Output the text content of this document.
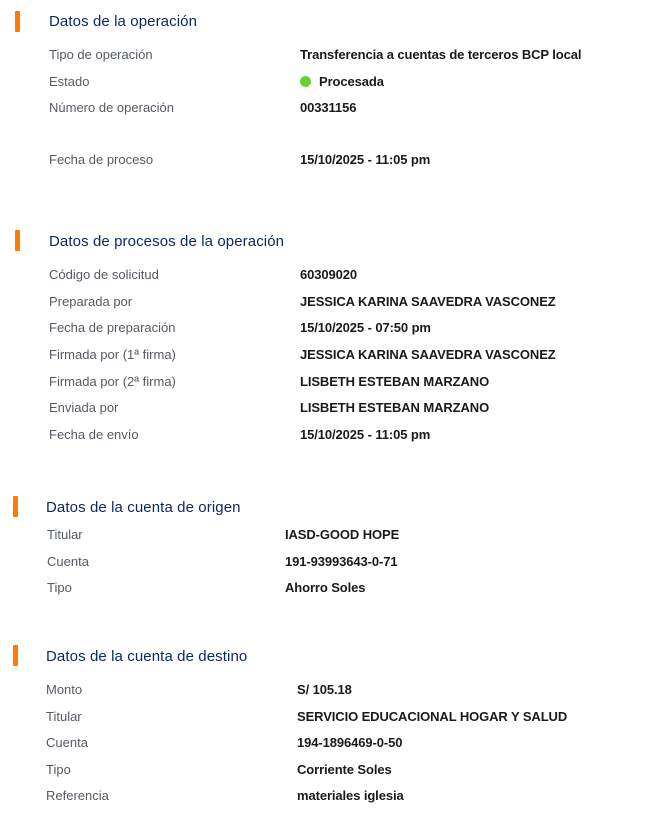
Datos de la operación
Tipo de operación	Transferencia a cuentas de terceros BCP local
Estado	Procesada
Número de operación	00331156
Fecha de proceso	15/10/2025 - 11:05 pm
Datos de procesos de la operación
Código de solicitud	60309020
Preparada por	JESSICA KARINA SAAVEDRA VASCONEZ
Fecha de preparación	15/10/2025 - 07:50 pm
Firmada por (1ª firma)	JESSICA KARINA SAAVEDRA VASCONEZ
Firmada por (2ª firma)	LISBETH ESTEBAN MARZANO
Enviada por	LISBETH ESTEBAN MARZANO
Fecha de envío	15/10/2025 - 11:05 pm
Datos de la cuenta de origen
Titular	IASD-GOOD HOPE
Cuenta	191-93993643-0-71
Tipo	Ahorro Soles
Datos de la cuenta de destino
Monto	S/ 105.18
Titular	SERVICIO EDUCACIONAL HOGAR Y SALUD
Cuenta	194-1896469-0-50
Tipo	Corriente Soles
Referencia	materiales iglesia
